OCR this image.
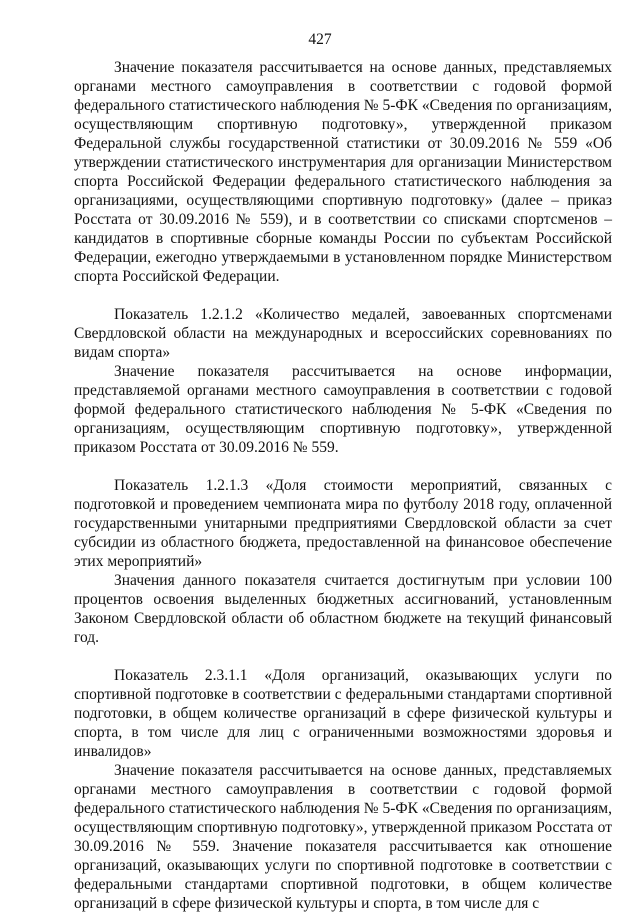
427

Значение показателя рассчитывается на основе данных, представляемых органами местного самоуправления в соответствии с годовой формой федерального статистического наблюдения № 5-ФК «Сведения по организациям, осуществляющим спортивную подготовку», утвержденной приказом Федеральной службы государственной статистики от 30.09.2016 № 559 «Об утверждении статистического инструментария для организации Министерством спорта Российской Федерации федерального статистического наблюдения за организациями, осуществляющими спортивную подготовку» (далее – приказ Росстата от 30.09.2016 № 559), и в соответствии со списками спортсменов – кандидатов в спортивные сборные команды России по субъектам Российской Федерации, ежегодно утверждаемыми в установленном порядке Министерством спорта Российской Федерации.

Показатель 1.2.1.2 «Количество медалей, завоеванных спортсменами Свердловской области на международных и всероссийских соревнованиях по видам спорта»

Значение показателя рассчитывается на основе информации, представляемой органами местного самоуправления в соответствии с годовой формой федерального статистического наблюдения № 5-ФК «Сведения по организациям, осуществляющим спортивную подготовку», утвержденной приказом Росстата от 30.09.2016 № 559.

Показатель 1.2.1.3 «Доля стоимости мероприятий, связанных с подготовкой и проведением чемпионата мира по футболу 2018 году, оплаченной государственными унитарными предприятиями Свердловской области за счет субсидии из областного бюджета, предоставленной на финансовое обеспечение этих мероприятий»

Значения данного показателя считается достигнутым при условии 100 процентов освоения выделенных бюджетных ассигнований, установленным Законом Свердловской области об областном бюджете на текущий финансовый год.

Показатель 2.3.1.1 «Доля организаций, оказывающих услуги по спортивной подготовке в соответствии с федеральными стандартами спортивной подготовки, в общем количестве организаций в сфере физической культуры и спорта, в том числе для лиц с ограниченными возможностями здоровья и инвалидов»

Значение показателя рассчитывается на основе данных, представляемых органами местного самоуправления в соответствии с годовой формой федерального статистического наблюдения № 5-ФК «Сведения по организациям, осуществляющим спортивную подготовку», утвержденной приказом Росстата от 30.09.2016 № 559. Значение показателя рассчитывается как отношение организаций, оказывающих услуги по спортивной подготовке в соответствии с федеральными стандартами спортивной подготовки, в общем количестве организаций в сфере физической культуры и спорта, в том числе для с
